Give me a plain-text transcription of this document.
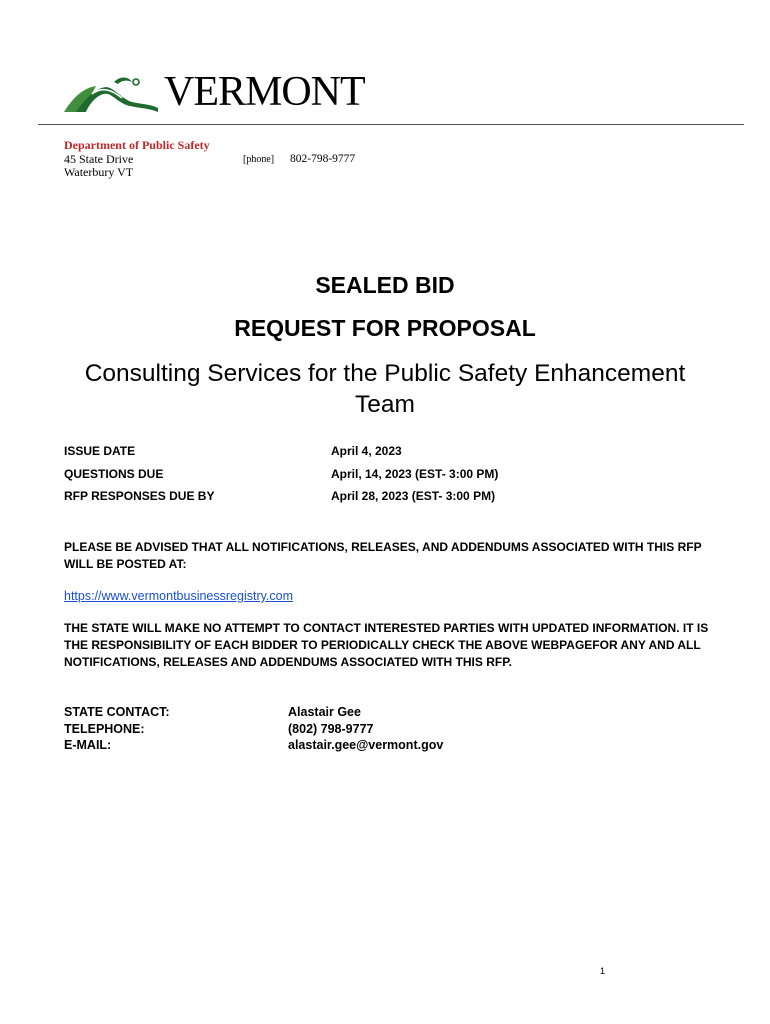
VERMONT
Department of Public Safety
45 State Drive
Waterbury VT
[phone] 802-798-9777
SEALED BID
REQUEST FOR PROPOSAL
Consulting Services for the Public Safety Enhancement Team
ISSUE DATE	April 4, 2023
QUESTIONS DUE	April, 14, 2023 (EST- 3:00 PM)
RFP RESPONSES DUE BY	April 28, 2023 (EST- 3:00 PM)
PLEASE BE ADVISED THAT ALL NOTIFICATIONS, RELEASES, AND ADDENDUMS ASSOCIATED WITH THIS RFP WILL BE POSTED AT:
https://www.vermontbusinessregistry.com
THE STATE WILL MAKE NO ATTEMPT TO CONTACT INTERESTED PARTIES WITH UPDATED INFORMATION. IT IS THE RESPONSIBILITY OF EACH BIDDER TO PERIODICALLY CHECK THE ABOVE WEBPAGEFOR ANY AND ALL NOTIFICATIONS, RELEASES AND ADDENDUMS ASSOCIATED WITH THIS RFP.
STATE CONTACT:	Alastair Gee
TELEPHONE:	(802) 798-9777
E-MAIL:	alastair.gee@vermont.gov
1
